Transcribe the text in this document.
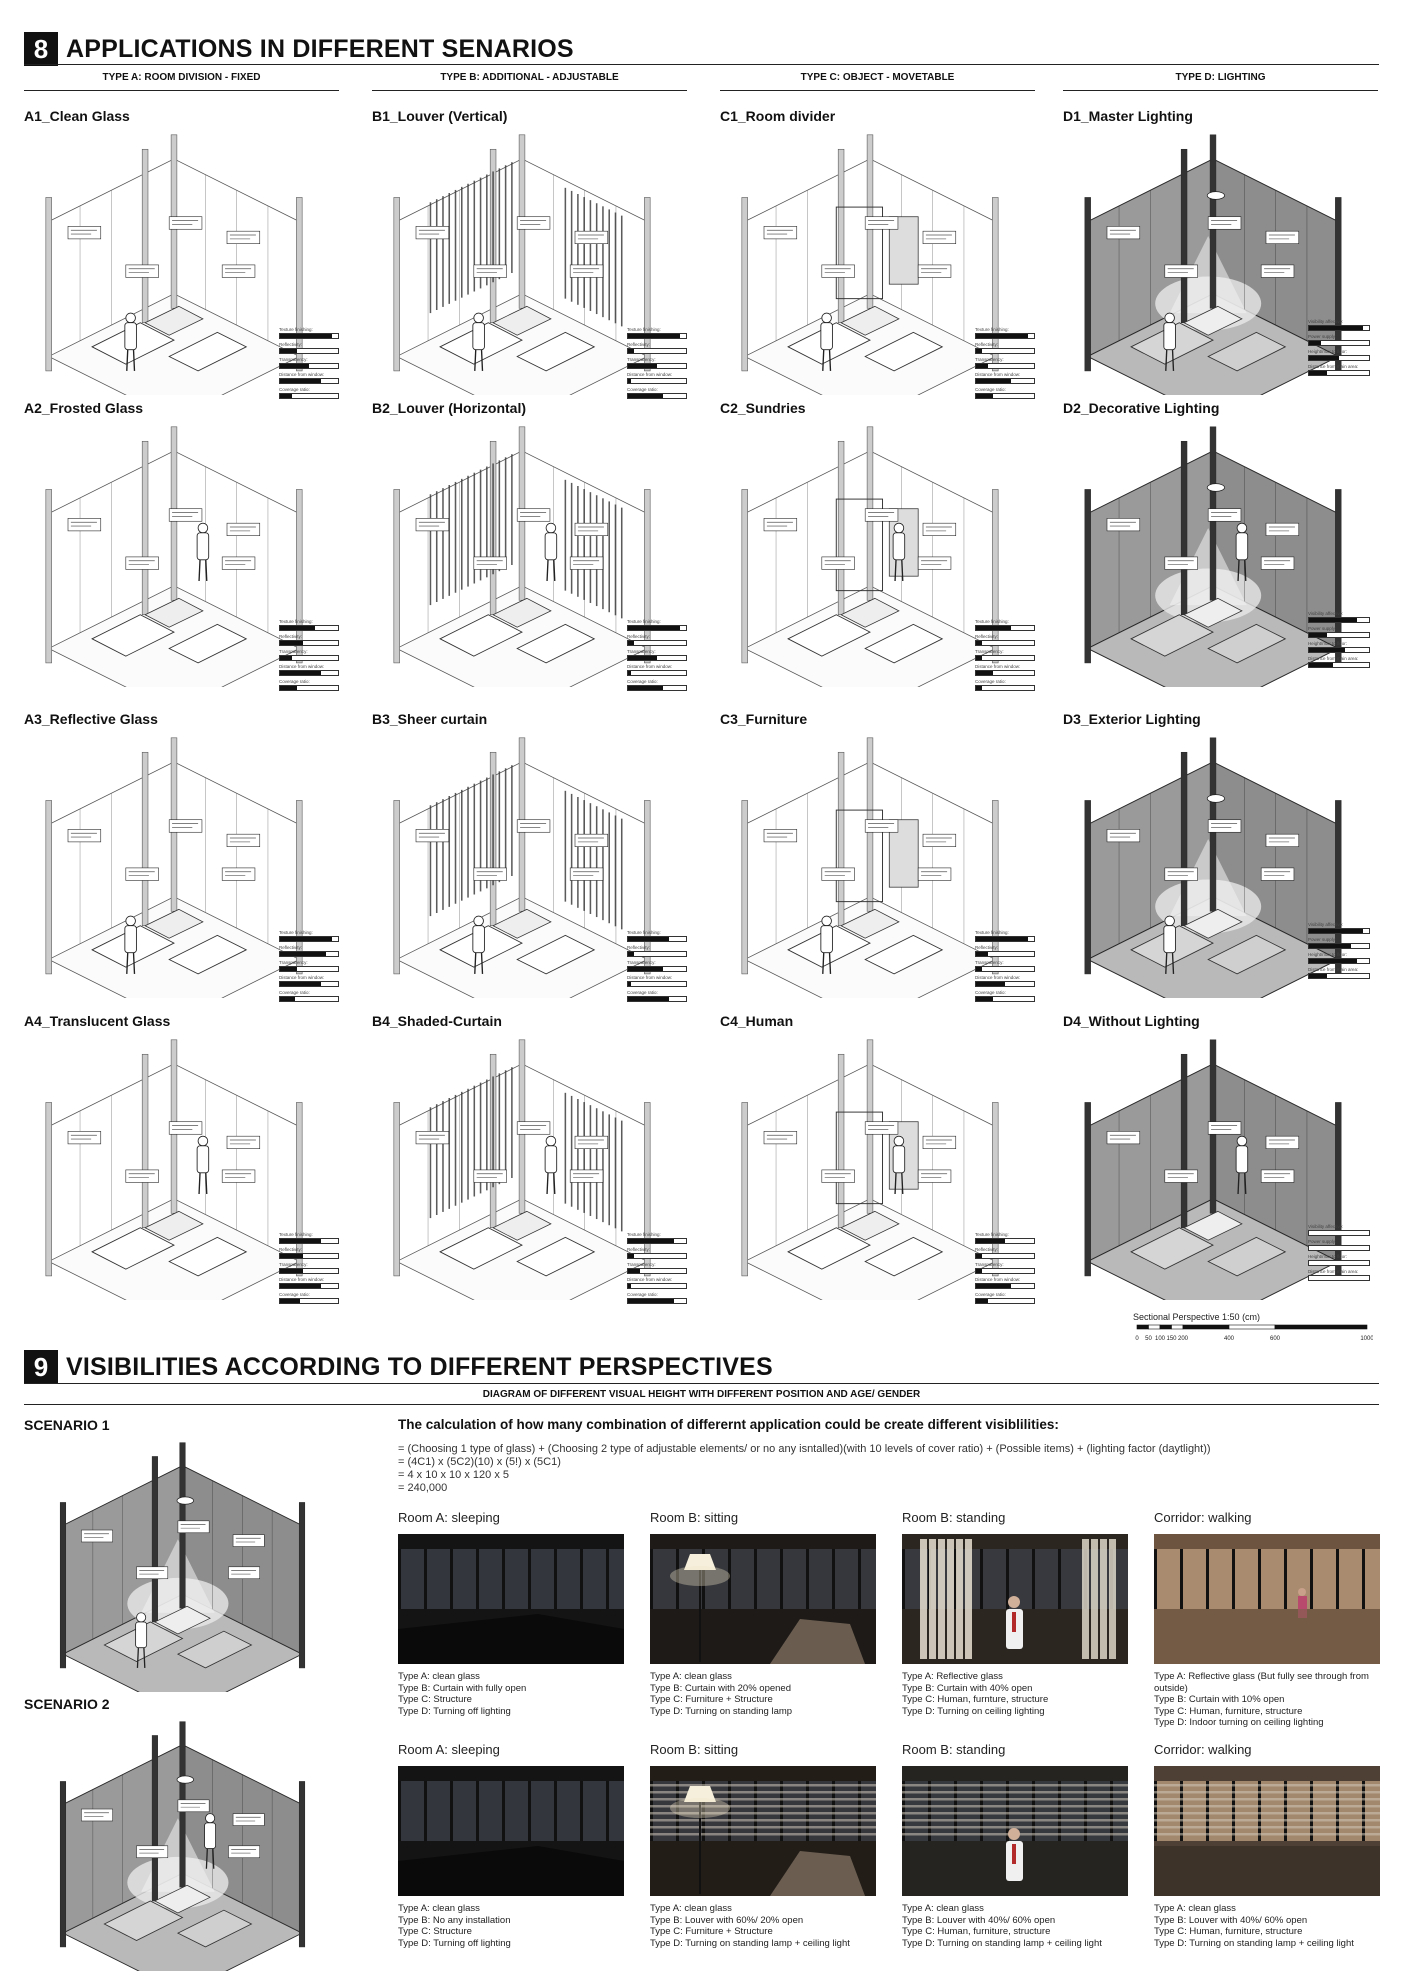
8 APPLICATIONS IN DIFFERENT SENARIOS
TYPE A: ROOM DIVISION - FIXED
A1_Clean Glass
Texture finishing:
Reflectivity:
Transparency:
Distance from window:
Coverage ratio:
A2_Frosted Glass
Texture finishing:
Reflectivity:
Transparency:
Distance from window:
Coverage ratio:
A3_Reflective Glass
Texture finishing:
Reflectivity:
Transparency:
Distance from window:
Coverage ratio:
A4_Translucent Glass
Texture finishing:
Reflectivity:
Transparency:
Distance from window:
Coverage ratio:
TYPE B: ADDITIONAL - ADJUSTABLE
B1_Louver (Vertical)
Texture finishing:
Reflectivity:
Transparency:
Distance from window:
Coverage ratio:
B2_Louver (Horizontal)
Texture finishing:
Reflectivity:
Transparency:
Distance from window:
Coverage ratio:
B3_Sheer curtain
Texture finishing:
Reflectivity:
Transparency:
Distance from window:
Coverage ratio:
B4_Shaded-Curtain
Texture finishing:
Reflectivity:
Transparency:
Distance from window:
Coverage ratio:
TYPE C: OBJECT - MOVETABLE
C1_Room divider
Texture finishing:
Reflectivity:
Transparency:
Distance from window:
Coverage ratio:
C2_Sundries
Texture finishing:
Reflectivity:
Transparency:
Distance from window:
Coverage ratio:
C3_Furniture
Texture finishing:
Reflectivity:
Transparency:
Distance from window:
Coverage ratio:
C4_Human
Texture finishing:
Reflectivity:
Transparency:
Distance from window:
Coverage ratio:
TYPE D: LIGHTING
D1_Master Lighting
Visibility affective:
Power supply:
Height/max to floor:
Distance from main area:
D2_Decorative Lighting
Visibility affective:
Power supply:
Height/max to floor:
Distance from main area:
D3_Exterior Lighting
Visibility affective:
Power supply:
Height/max to floor:
Distance from main area:
D4_Without Lighting
Visibility affective:
Power supply:
Height/max to floor:
Distance from main area:
Sectional Perspective 1:50 (cm)
0 50 100 150 200	400	600	1000
9 VISIBILITIES ACCORDING TO DIFFERENT PERSPECTIVES
DIAGRAM OF DIFFERENT VISUAL HEIGHT WITH DIFFERENT POSITION AND AGE/ GENDER
The calculation of how many combination of differernt application could be create different visiblilities:
= (Choosing 1 type of glass) + (Choosing 2 type of adjustable elements/ or no any isntalled)(with 10 levels of cover ratio) + (Possible items) + (lighting factor (daytlight))
= (4C1) x (5C2)(10) x (5!) x (5C1)
= 4 x 10 x 10 x 120 x 5
= 240,000
SCENARIO 1
Room A: sleeping
Type A: clean glass
Type B: Curtain with fully open
Type C: Structure
Type D: Turning off lighting
Room B: sitting
Type A: clean glass
Type B: Curtain with 20% opened
Type C: Furniture + Structure
Type D: Turning on standing lamp
Room B: standing
Type A: Reflective glass
Type B: Curtain with 40% open
Type C: Human, furnture, structure
Type D: Turning on ceiling lighting
Corridor: walking
Type A: Reflective glass (But fully see through from outside)
Type B: Curtain with 10% open
Type C: Human, furniture, structure
Type D: Indoor turning on ceiling lighting
SCENARIO 2
Room A: sleeping
Type A: clean glass
Type B: No any installation
Type C: Structure
Type D: Turning off lighting
Room B: sitting
Type A: clean glass
Type B: Louver with 60%/ 20% open
Type C: Furniture + Structure
Type D: Turning on standing lamp + ceiling light
Room B: standing
Type A: clean glass
Type B: Louver with 40%/ 60% open
Type C: Human, furniture, structure
Type D: Turning on standing lamp + ceiling light
Corridor: walking
Type A: clean glass
Type B: Louver with 40%/ 60% open
Type C: Human, furniture, structure
Type D: Turning on standing lamp + ceiling light
